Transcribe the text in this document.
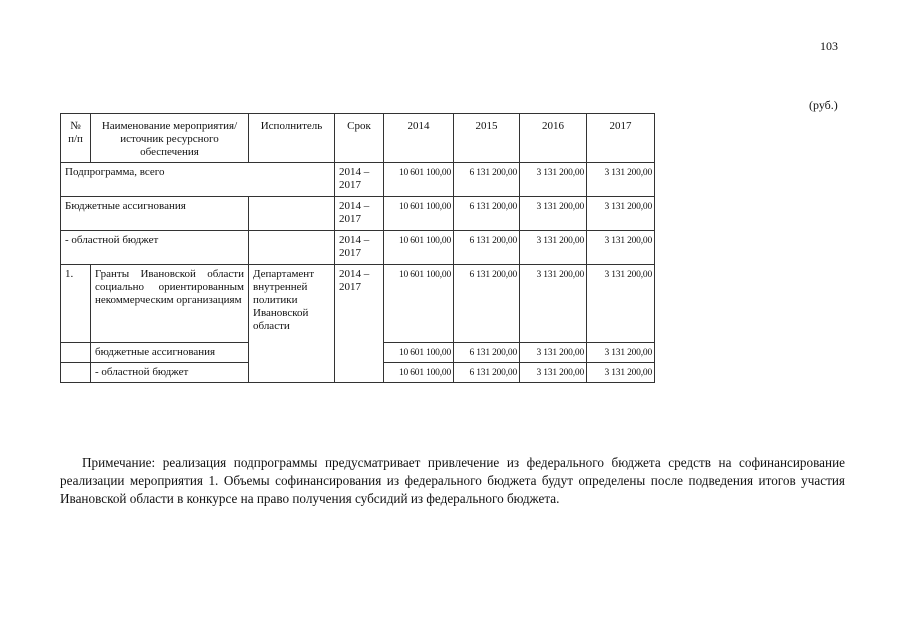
103
(руб.)
№ п/п	Наименование мероприятия/источник ресурсного обеспечения	Исполнитель	Срок	2014	2015	2016	2017
Подпрограмма, всего			2014 – 2017	10 601 100,00	6 131 200,00	3 131 200,00	3 131 200,00
Бюджетные ассигнования			2014 – 2017	10 601 100,00	6 131 200,00	3 131 200,00	3 131 200,00
- областной бюджет			2014 – 2017	10 601 100,00	6 131 200,00	3 131 200,00	3 131 200,00
1.	Гранты Ивановской области социально ориентированным некоммерческим организациям	Департамент внутренней политики Ивановской области	2014 – 2017	10 601 100,00	6 131 200,00	3 131 200,00	3 131 200,00
	бюджетные ассигнования			10 601 100,00	6 131 200,00	3 131 200,00	3 131 200,00
	- областной бюджет			10 601 100,00	6 131 200,00	3 131 200,00	3 131 200,00
Примечание: реализация подпрограммы предусматривает привлечение из федерального бюджета средств на софинансирование реализации мероприятия 1. Объемы софинансирования из федерального бюджета будут определены после подведения итогов участия Ивановской области в конкурсе на право получения субсидий из федерального бюджета.
